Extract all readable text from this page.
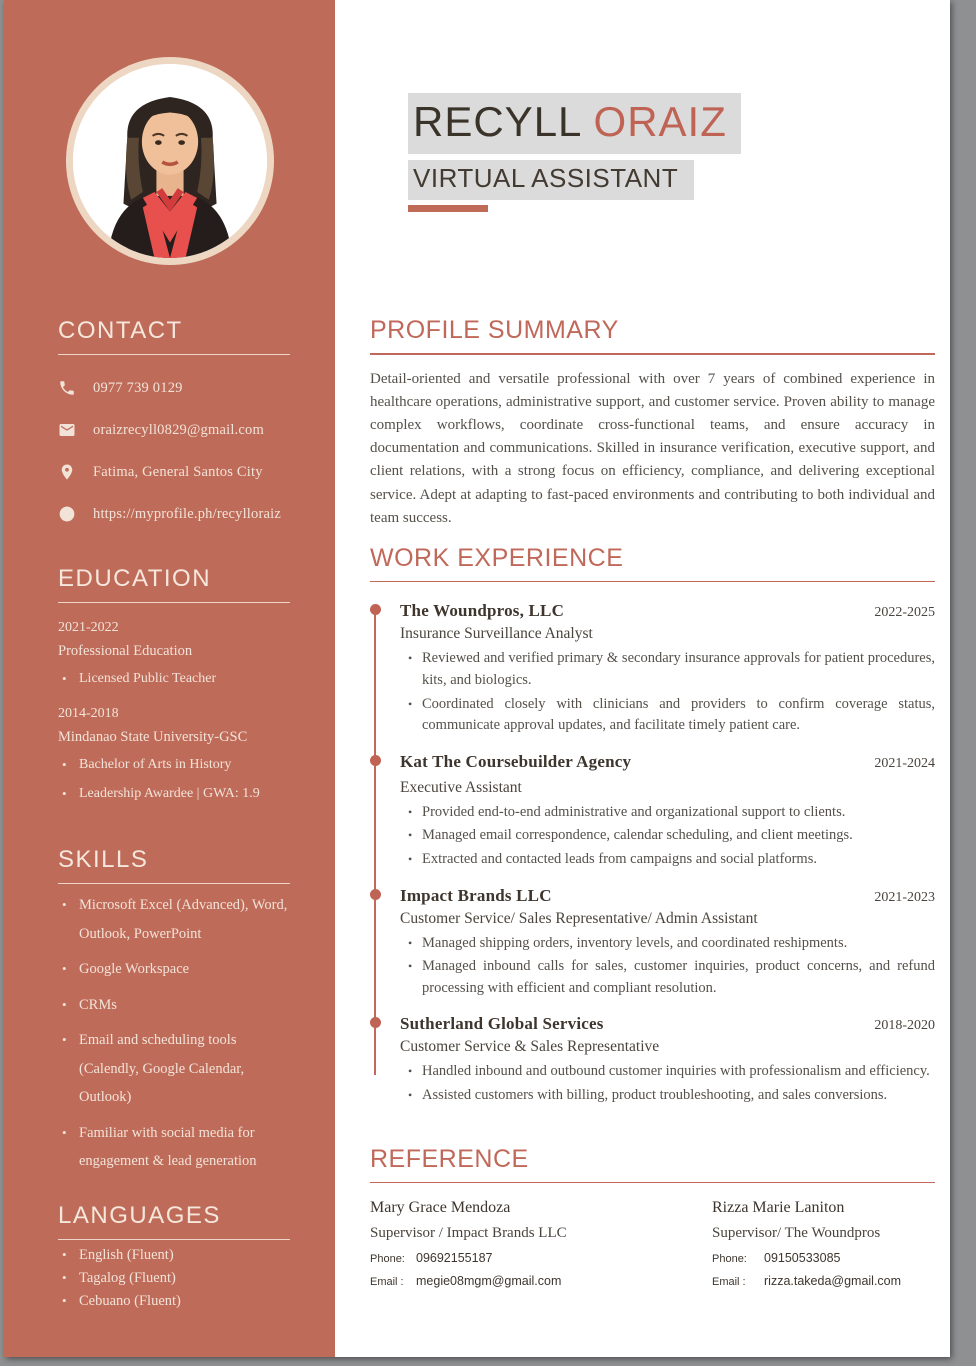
CONTACT
0977 739 0129
oraizrecyll0829@gmail.com
Fatima, General Santos City
https://myprofile.ph/recylloraiz
EDUCATION
2021-2022
Professional Education
• Licensed Public Teacher
2014-2018
Mindanao State University-GSC
• Bachelor of Arts in History
• Leadership Awardee | GWA: 1.9
SKILLS
• Microsoft Excel (Advanced), Word, Outlook, PowerPoint
• Google Workspace
• CRMs
• Email and scheduling tools (Calendly, Google Calendar, Outlook)
• Familiar with social media for engagement & lead generation
LANGUAGES
• English (Fluent)
• Tagalog (Fluent)
• Cebuano (Fluent)
RECYLL ORAIZ
VIRTUAL ASSISTANT
PROFILE SUMMARY

Detail-oriented and versatile professional with over 7 years of combined experience in healthcare operations, administrative support, and customer service. Proven ability to manage complex workflows, coordinate cross-functional teams, and ensure accuracy in documentation and communications. Skilled in insurance verification, executive support, and client relations, with a strong focus on efficiency, compliance, and delivering exceptional service. Adept at adapting to fast-paced environments and contributing to both individual and team success.

WORK EXPERIENCE
The Woundpros, LLC	2022-2025
Insurance Surveillance Analyst
• Reviewed and verified primary & secondary insurance approvals for patient procedures, kits, and biologics.
• Coordinated closely with clinicians and providers to confirm coverage status, communicate approval updates, and facilitate timely patient care.
Kat The Coursebuilder Agency	2021-2024
Executive Assistant
• Provided end-to-end administrative and organizational support to clients.
• Managed email correspondence, calendar scheduling, and client meetings.
• Extracted and contacted leads from campaigns and social platforms.
Impact Brands LLC	2021-2023
Customer Service/ Sales Representative/ Admin Assistant
• Managed shipping orders, inventory levels, and coordinated reshipments.
• Managed inbound calls for sales, customer inquiries, product concerns, and refund processing with efficient and compliant resolution.
Sutherland Global Services	2018-2020
Customer Service & Sales Representative
• Handled inbound and outbound customer inquiries with professionalism and efficiency.
• Assisted customers with billing, product troubleshooting, and sales conversions.
REFERENCE
Mary Grace Mendoza
Supervisor / Impact Brands LLC
Phone: 09692155187
Email : megie08mgm@gmail.com
Rizza Marie Laniton
Supervisor/ The Woundpros
Phone:	09150533085
Email :	rizza.takeda@gmail.com
